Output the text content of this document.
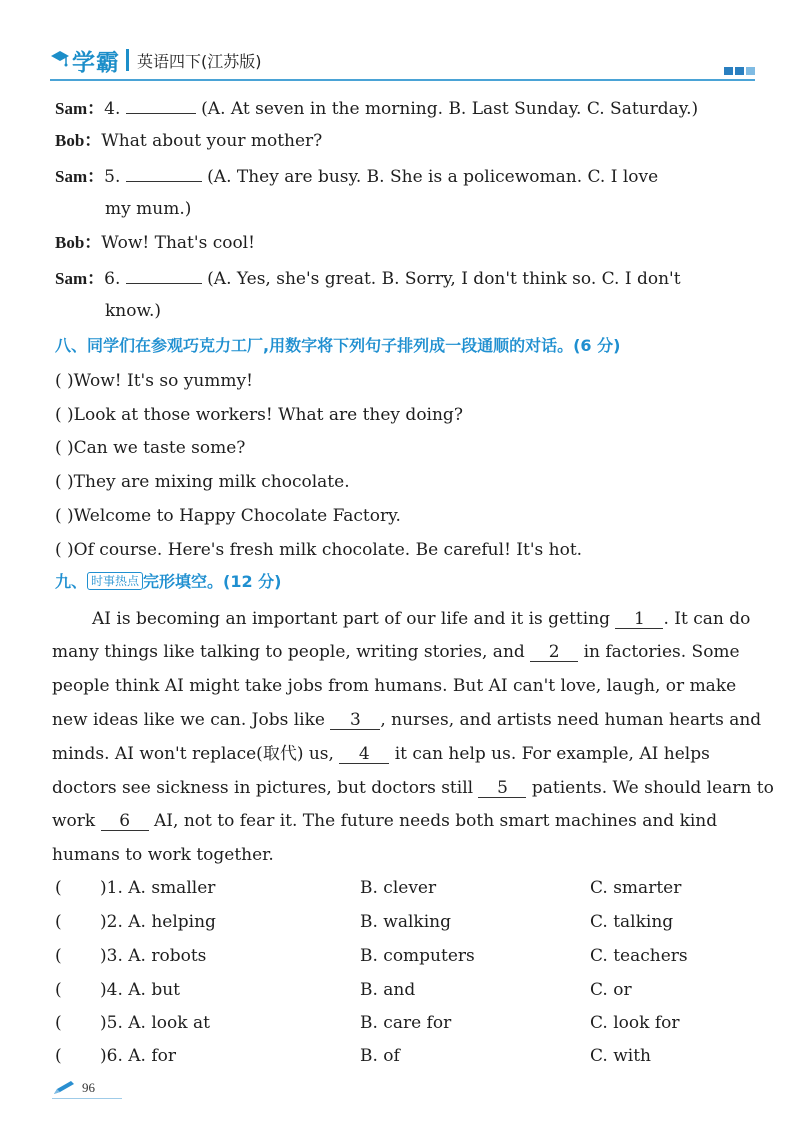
学霸 英语四下(江苏版)
Sam：4.	(A. At seven in the morning. B. Last Sunday. C. Saturday.)
Bob：What about your mother?
Sam：5.	(A. They are busy. B. She is a policewoman. C. I love
my mum.)
Bob：Wow! That's cool!
Sam：6.	(A. Yes, she's great. B. Sorry, I don't think so. C. I don't
know.)
八、同学们在参观巧克力工厂,用数字将下列句子排列成一段通顺的对话。(6 分)
( )Wow! It's so yummy!
( )Look at those workers! What are they doing?
( )Can we taste some?
( )They are mixing milk chocolate.
( )Welcome to Happy Chocolate Factory.
( )Of course. Here's fresh milk chocolate. Be careful! It's hot.
九、 时事热点 完形填空。(12 分)
AI is becoming an important part of our life and it is getting 1 . It can do
many things like talking to people, writing stories, and 2 in factories. Some
people think AI might take jobs from humans. But AI can't love, laugh, or make
new ideas like we can. Jobs like 3 , nurses, and artists need human hearts and
minds. AI won't replace(取代) us, 4 it can help us. For example, AI helps
doctors see sickness in pictures, but doctors still 5 patients. We should learn to
work 6 AI, not to fear it. The future needs both smart machines and kind
humans to work together.
( )1. A. smaller	B. clever	C. smarter
( )2. A. helping	B. walking	C. talking
( )3. A. robots	B. computers	C. teachers
( )4. A. but	B. and	C. or
( )5. A. look at	B. care for	C. look for
( )6. A. for	B. of	C. with
96
